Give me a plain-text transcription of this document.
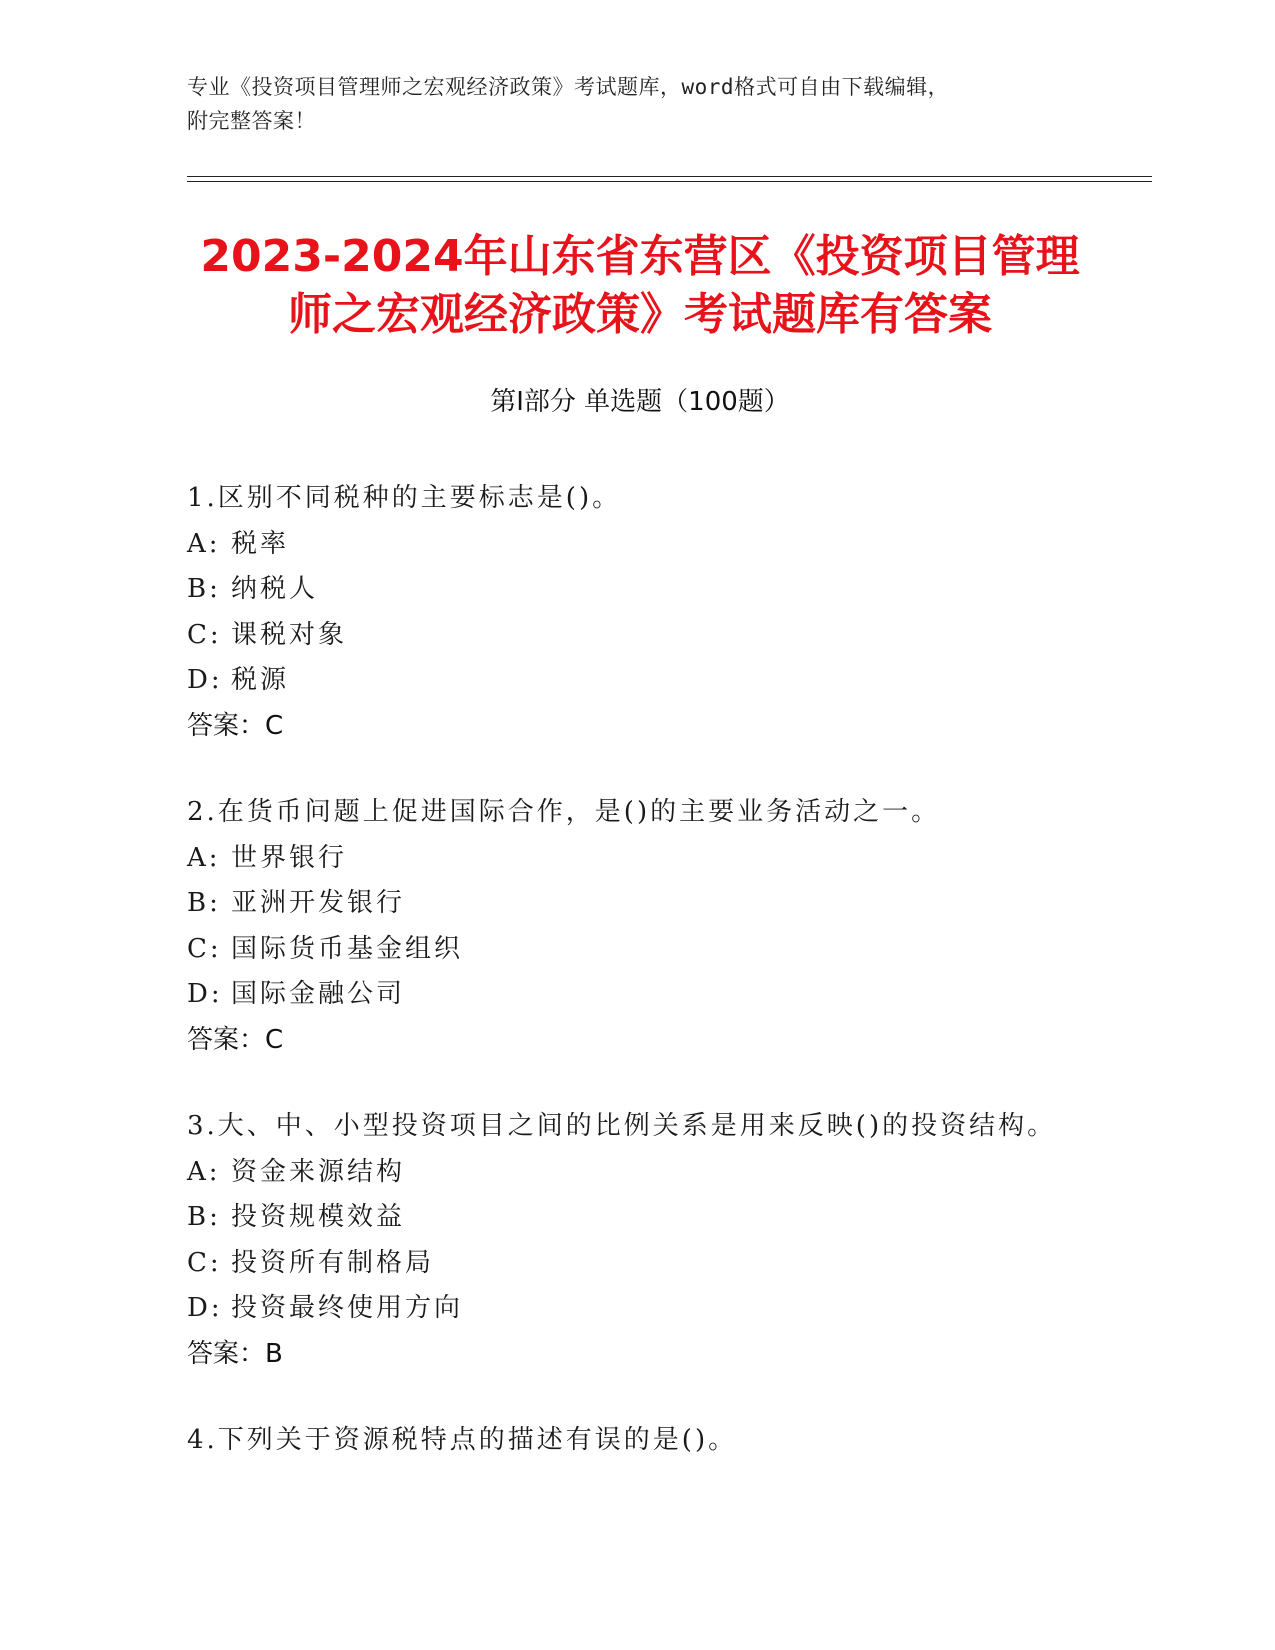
专业《投资项目管理师之宏观经济政策》考试题库，word格式可自由下载编辑，
附完整答案！
2023-2024年山东省东营区《投资项目管理
师之宏观经济政策》考试题库有答案
第I部分 单选题（100题）
1.区别不同税种的主要标志是()。
A: 税率
B: 纳税人
C: 课税对象
D: 税源
答案：C
2.在货币问题上促进国际合作，是()的主要业务活动之一。
A: 世界银行
B: 亚洲开发银行
C: 国际货币基金组织
D: 国际金融公司
答案：C
3.大、中、小型投资项目之间的比例关系是用来反映()的投资结构。
A: 资金来源结构
B: 投资规模效益
C: 投资所有制格局
D: 投资最终使用方向
答案：B
4.下列关于资源税特点的描述有误的是()。
